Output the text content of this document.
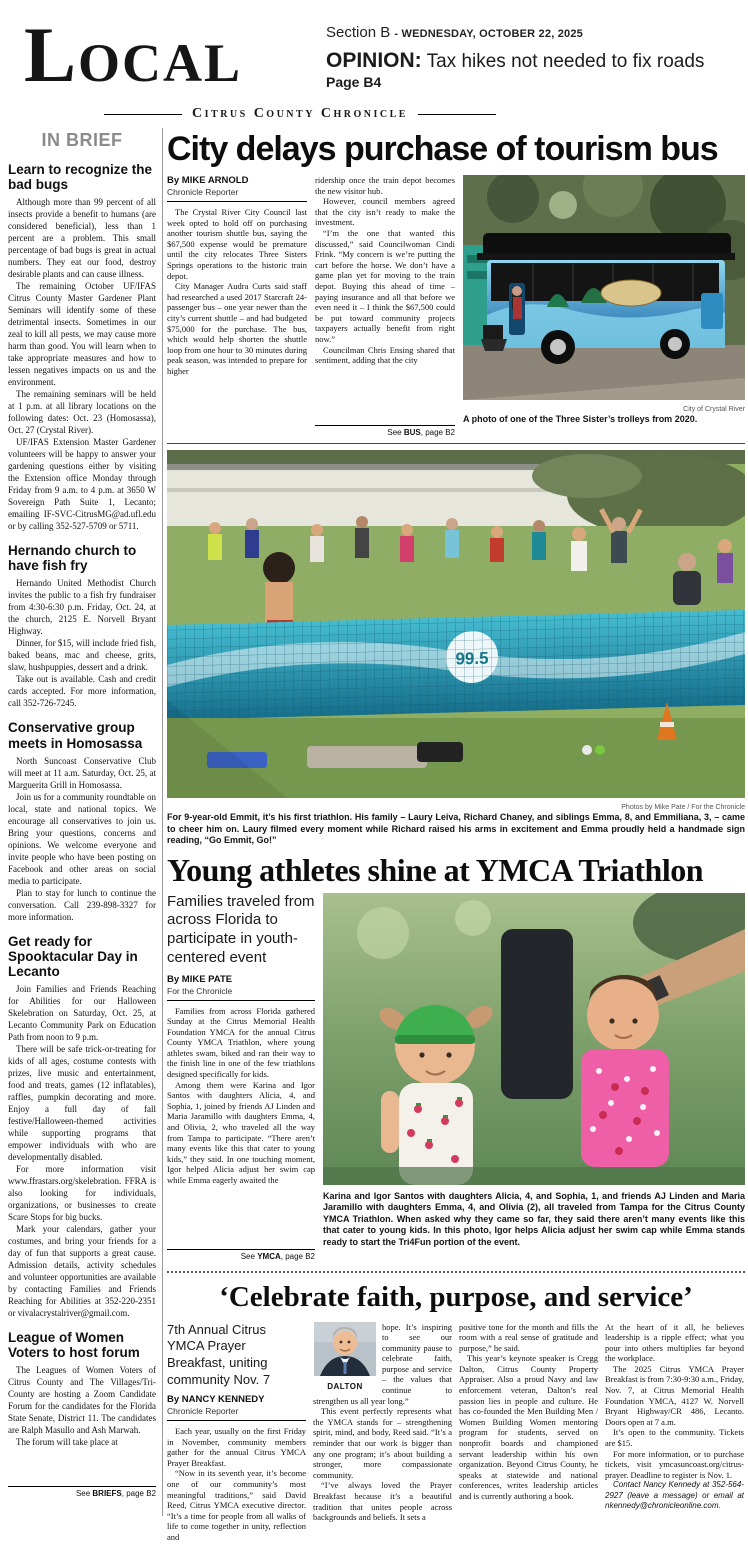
LOCAL
Section B - WEDNESDAY, OCTOBER 22, 2025
OPINION: Tax hikes not needed to fix roads
Page B4
Citrus County Chronicle
IN BRIEF
Learn to recognize the bad bugs

Although more than 99 percent of all insects provide a benefit to humans (are considered beneficial), less than 1 percent are a problem. This small percentage of bad bugs is great in actual numbers. They eat our food, destroy desirable plants and can cause illness.

The remaining October UF/IFAS Citrus County Master Gardener Plant Seminars will identify some of these detrimental insects. Sometimes in our zeal to kill all pests, we may cause more harm than good. You will learn when to take appropriate measures and how to lessen negatives impacts on us and the environment.

The remaining seminars will be held at 1 p.m. at all library locations on the following dates: Oct. 23 (Homosassa), Oct. 27 (Crystal River).

UF/IFAS Extension Master Gardener volunteers will be happy to answer your gardening questions either by visiting the Extension office Monday through Friday from 9 a.m. to 4 p.m. at 3650 W Sovereign Path Suite 1, Lecanto; emailing IF-SVC-CitrusMG@ad.ufl.edu or by calling 352-527-5709 or 5711.

Hernando church to have fish fry

Hernando United Methodist Church invites the public to a fish fry fundraiser from 4:30-6:30 p.m. Friday, Oct. 24, at the church, 2125 E. Norvell Bryant Highway.

Dinner, for $15, will include fried fish, baked beans, mac and cheese, grits, slaw, hushpuppies, dessert and a drink.

Take out is available. Cash and credit cards accepted. For more information, call 352-726-7245.

Conservative group meets in Homosassa

North Suncoast Conservative Club will meet at 11 a.m. Saturday, Oct. 25, at Marguerita Grill in Homosassa.

Join us for a community roundtable on local, state and national topics. We encourage all conservatives to join us. Bring your questions, concerns and opinions. We welcome everyone and invite people who have been posting on Facebook and other areas on social media to participate.

Plan to stay for lunch to continue the conversation. Call 239-898-3327 for more information.

Get ready for Spooktacular Day in Lecanto

Join Families and Friends Reaching for Abilities for our Halloween Skelebration on Saturday, Oct. 25, at Lecanto Community Park on Education Path from noon to 9 p.m.

There will be safe trick-or-treating for kids of all ages, costume contests with prizes, live music and entertainment, food and treats, games (12 inflatables), raffles, pumpkin decorating and more. Enjoy a full day of fall festive/Halloween-themed activities while supporting programs that empower individuals with who are developmentally disabled.

For more information visit www.ffrastars.org/skelebration. FFRA is also looking for individuals, organizations, or businesses to create Scare Stops for big bucks.

Mark your calendars, gather your costumes, and bring your friends for a day of fun that supports a great cause. Admission details, activity schedules and volunteer opportunities are available by contacting Families and Friends Reaching for Abilities at 352-220-2351 or vivalacrystalriver@gmail.com.

League of Women Voters to host forum

The Leagues of Women Voters of Citrus County and The Villages/Tri-County are hosting a Zoom Candidate Forum for the candidates for the Florida State Senate, District 11. The candidates are Ralph Masullo and Ash Marwah.

The forum will take place at

See BRIEFS, page B2
City delays purchase of tourism bus
By MIKE ARNOLD
Chronicle Reporter

The Crystal River City Council last week opted to hold off on purchasing another tourism shuttle bus, saying the $67,500 expense would be premature until the city relocates Three Sisters Springs operations to the historic train depot.

City Manager Audra Curts said staff had researched a used 2017 Starcraft 24-passenger bus – one year newer than the city’s current shuttle – and had budgeted $75,000 for the purchase. The bus, which would help shorten the shuttle loop from one hour to 30 minutes during peak season, was intended to prepare for higher

ridership once the train depot becomes the new visitor hub.

However, council members agreed that the city isn’t ready to make the investment.

“I’m the one that wanted this discussed,” said Councilwoman Cindi Frink. “My concern is we’re putting the cart before the horse. We don’t have a game plan yet for moving to the train depot. Buying this ahead of time – paying insurance and all that before we even need it – I think the $67,500 could be put toward community projects taxpayers actually benefit from right now.”

Councilman Chris Ensing shared that sentiment, adding that the city

See BUS, page B2
City of Crystal River
A photo of one of the Three Sister’s trolleys from 2020.
Photos by Mike Pate / For the Chronicle
For 9-year-old Emmit, it’s his first triathlon. His family – Laury Leiva, Richard Chaney, and siblings Emma, 8, and Emmiliana, 3, – came to cheer him on. Laury filmed every moment while Richard raised his arms in excitement and Emma proudly held a handmade sign reading, “Go Emmit, Go!”
Young athletes shine at YMCA Triathlon
Families traveled from across Florida to participate in youth-centered event
By MIKE PATE
For the Chronicle

Families from across Florida gathered Sunday at the Citrus Memorial Health Foundation YMCA for the annual Citrus County YMCA Triathlon, where young athletes swam, biked and ran their way to the finish line in one of the few triathlons designed specifically for kids.

Among them were Karina and Igor Santos with daughters Alicia, 4, and Sophia, 1, joined by friends AJ Linden and Maria Jaramillo with daughters Emma, 4, and Olivia, 2, who traveled all the way from Tampa to participate. “There aren’t many events like this that cater to young kids,” they said. In one touching moment, Igor helped Alicia adjust her swim cap while Emma eagerly awaited the

See YMCA, page B2
Karina and Igor Santos with daughters Alicia, 4, and Sophia, 1, and friends AJ Linden and Maria Jaramillo with daughters Emma, 4, and Olivia (2), all traveled from Tampa for the Citrus County YMCA Triathlon. When asked why they came so far, they said there aren’t many events like this that cater to young kids. In this photo, Igor helps Alicia adjust her swim cap while Emma stands ready to start the Tri4Fun portion of the event.
‘Celebrate faith, purpose, and service’
7th Annual Citrus YMCA Prayer Breakfast, uniting community Nov. 7
By NANCY KENNEDY
Chronicle Reporter

Each year, usually on the first Friday in November, community members gather for the annual Citrus YMCA Prayer Breakfast.

“Now in its seventh year, it’s become one of our community’s most meaningful traditions,” said David Reed, Citrus YMCA executive director. “It’s a time for people from all walks of life to come together in unity, reflection and

DALTON

hope. It’s inspiring to see our community pause to celebrate faith, purpose and service – the values that continue to strengthen us all year long.”

This event perfectly represents what the YMCA stands for – strengthening spirit, mind, and body, Reed said. “It’s a reminder that our work is bigger than any one program; it’s about building a stronger, more compassionate community.

“I’ve always loved the Prayer Breakfast because it’s a beautiful tradition that unites people across backgrounds and beliefs. It sets a

positive tone for the month and fills the room with a real sense of gratitude and purpose,” he said.

This year’s keynote speaker is Cregg Dalton, Citrus County Property Appraiser. Also a proud Navy and law enforcement veteran, Dalton’s real passion lies in people and culture. He has co-founded the Men Building Men / Women Building Women mentoring program for students, served on nonprofit boards and championed servant leadership within his own organization. Beyond Citrus County, he speaks at statewide and national conferences, writes leadership articles and is currently authoring a book.

At the heart of it all, he believes leadership is a ripple effect; what you pour into others multiplies far beyond the workplace.

The 2025 Citrus YMCA Prayer Breakfast is from 7:30-9:30 a.m., Friday, Nov. 7, at Citrus Memorial Health Foundation YMCA, 4127 W. Norvell Bryant Highway/CR 486, Lecanto. Doors open at 7 a.m.

It’s open to the community. Tickets are $15.

For more information, or to purchase tickets, visit ymcasuncoast.org/citrus-prayer. Deadline to register is Nov. 1.

Contact Nancy Kennedy at 352-564-2927 (leave a message) or email at nkennedy@chronicleonline.com.
